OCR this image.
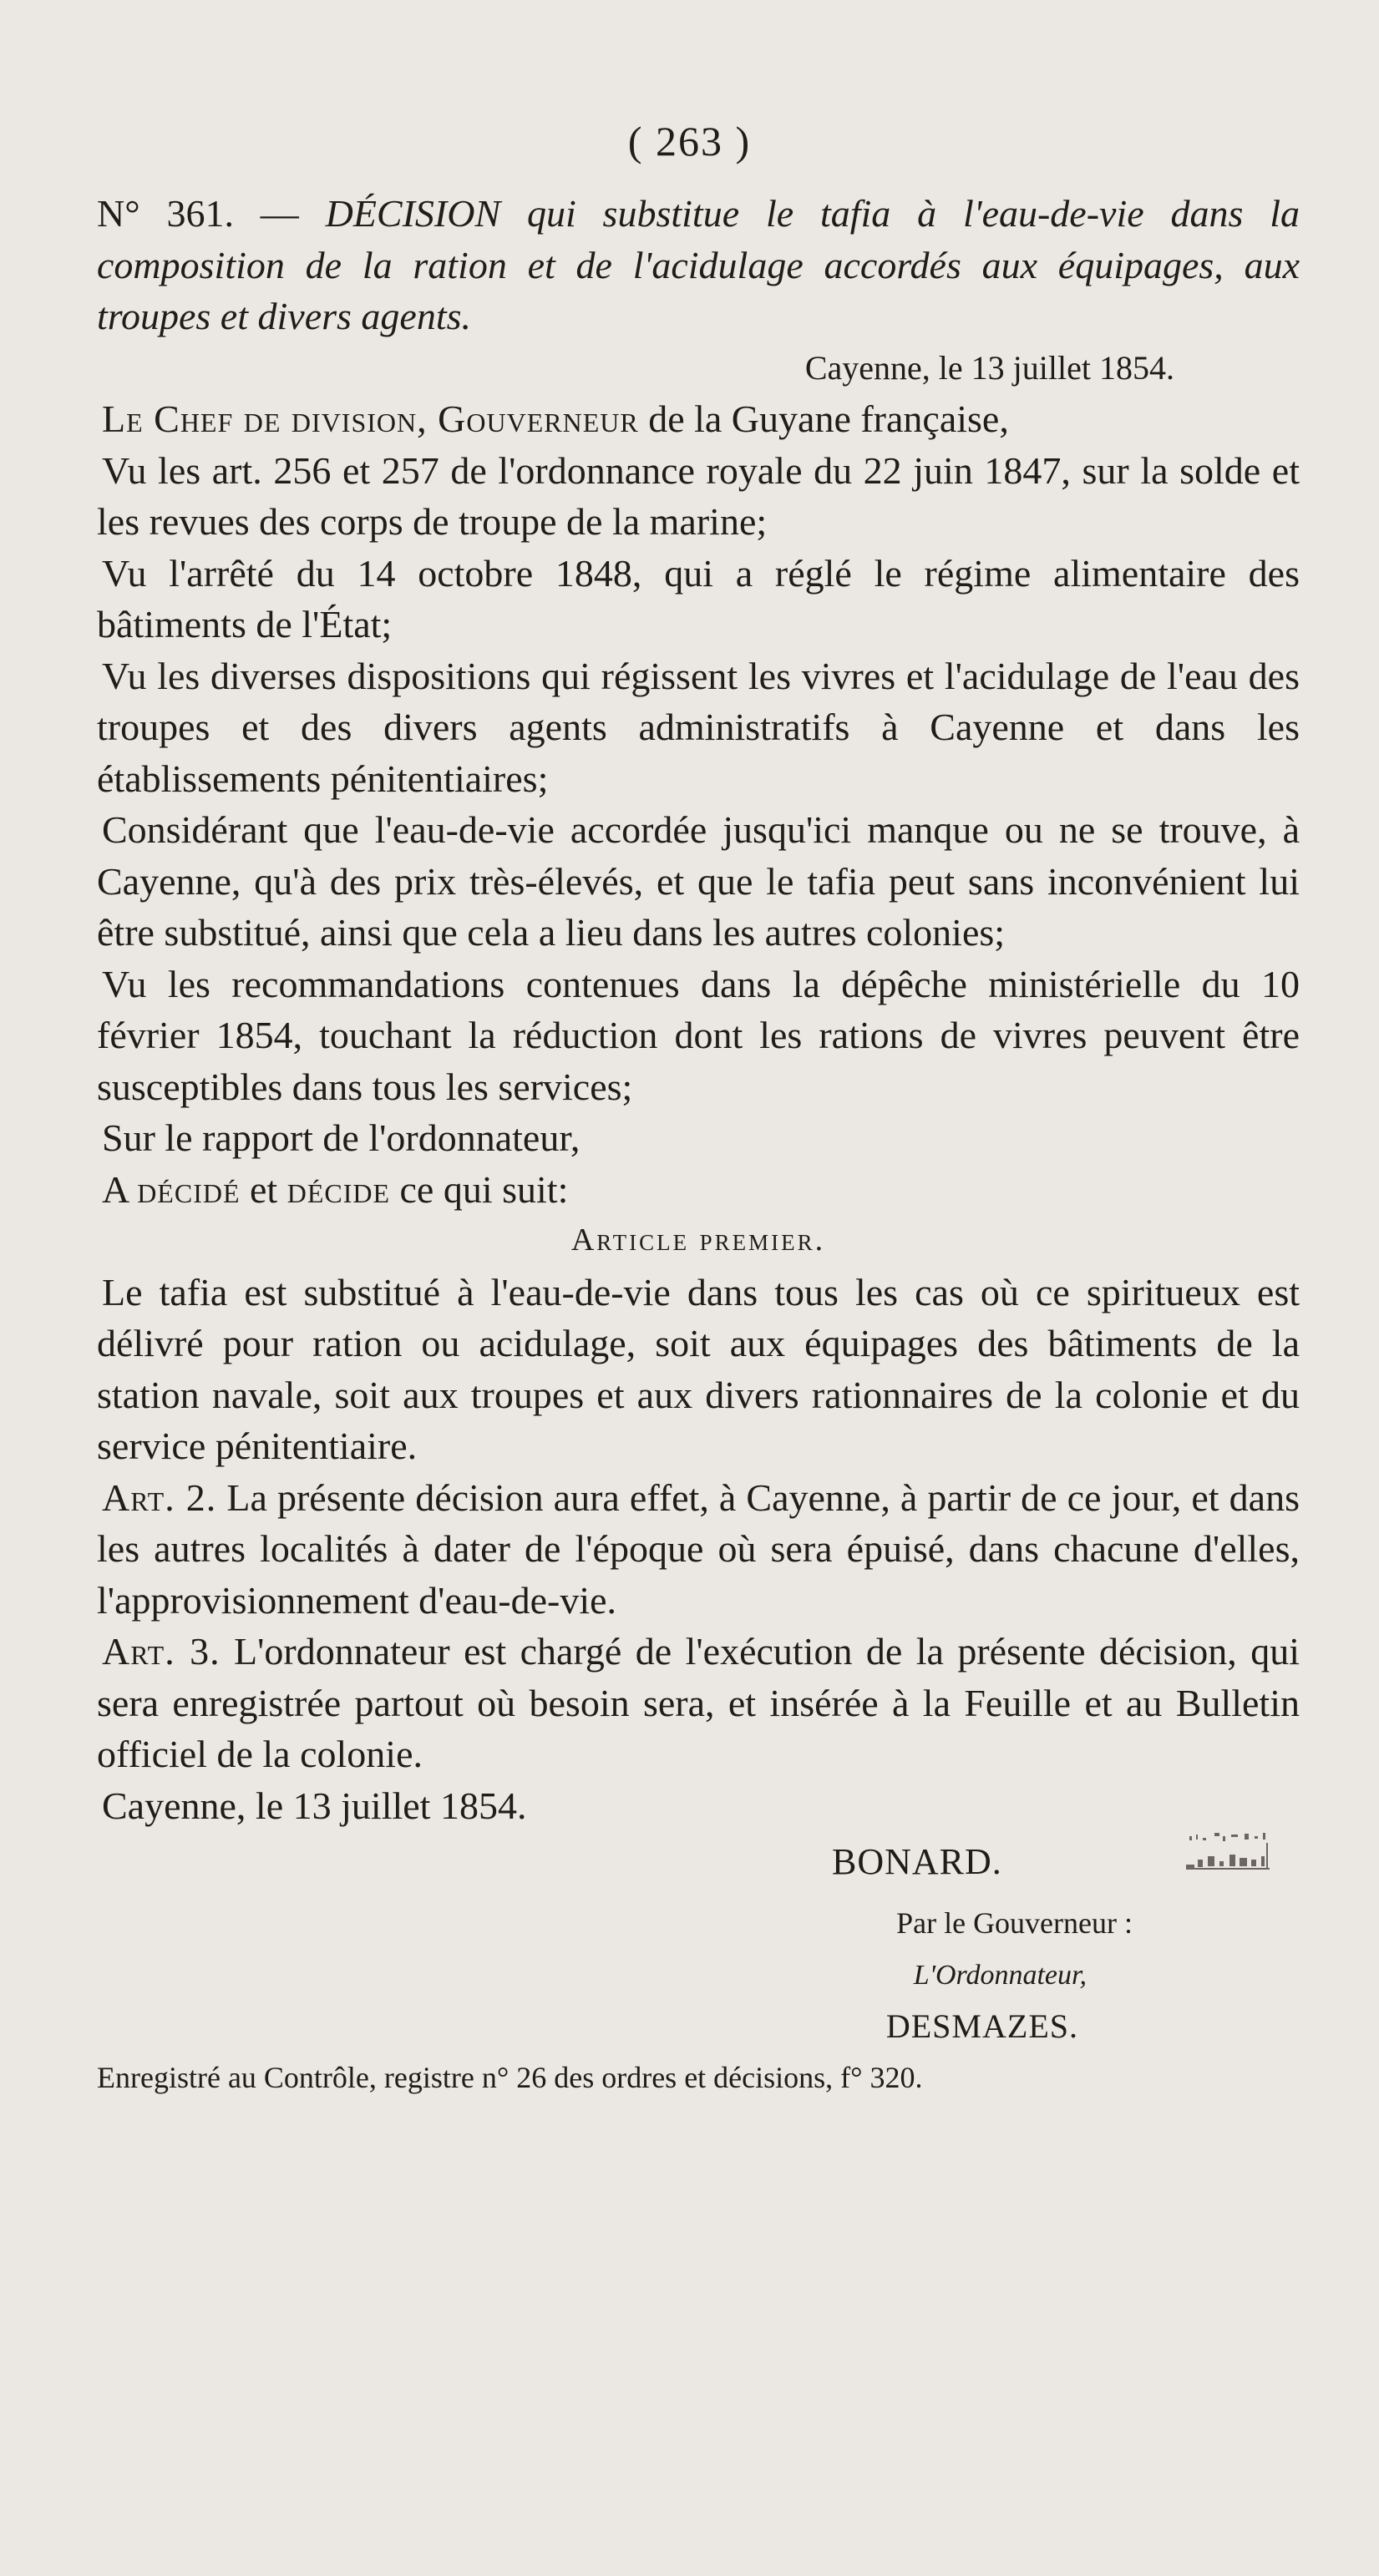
( 263 )

N° 361. — DÉCISION qui substitue le tafia à l'eau-de-vie dans la composition de la ration et de l'acidulage accordés aux équipages, aux troupes et divers agents.

Cayenne, le 13 juillet 1854.

Le Chef de division, Gouverneur de la Guyane française,

Vu les art. 256 et 257 de l'ordonnance royale du 22 juin 1847, sur la solde et les revues des corps de troupe de la marine;

Vu l'arrêté du 14 octobre 1848, qui a réglé le régime alimentaire des bâtiments de l'État;

Vu les diverses dispositions qui régissent les vivres et l'acidulage de l'eau des troupes et des divers agents administratifs à Cayenne et dans les établissements pénitentiaires;

Considérant que l'eau-de-vie accordée jusqu'ici manque ou ne se trouve, à Cayenne, qu'à des prix très-élevés, et que le tafia peut sans inconvénient lui être substitué, ainsi que cela a lieu dans les autres colonies;

Vu les recommandations contenues dans la dépêche ministérielle du 10 février 1854, touchant la réduction dont les rations de vivres peuvent être susceptibles dans tous les services;

Sur le rapport de l'ordonnateur,

A décidé et décide ce qui suit:

Article premier.

Le tafia est substitué à l'eau-de-vie dans tous les cas où ce spiritueux est délivré pour ration ou acidulage, soit aux équipages des bâtiments de la station navale, soit aux troupes et aux divers rationnaires de la colonie et du service pénitentiaire.

Art. 2. La présente décision aura effet, à Cayenne, à partir de ce jour, et dans les autres localités à dater de l'époque où sera épuisé, dans chacune d'elles, l'approvisionnement d'eau-de-vie.

Art. 3. L'ordonnateur est chargé de l'exécution de la présente décision, qui sera enregistrée partout où besoin sera, et insérée à la Feuille et au Bulletin officiel de la colonie.

Cayenne, le 13 juillet 1854.

BONARD.

Par le Gouverneur :

L'Ordonnateur,

DESMAZES.

Enregistré au Contrôle, registre n° 26 des ordres et décisions, f° 320.
